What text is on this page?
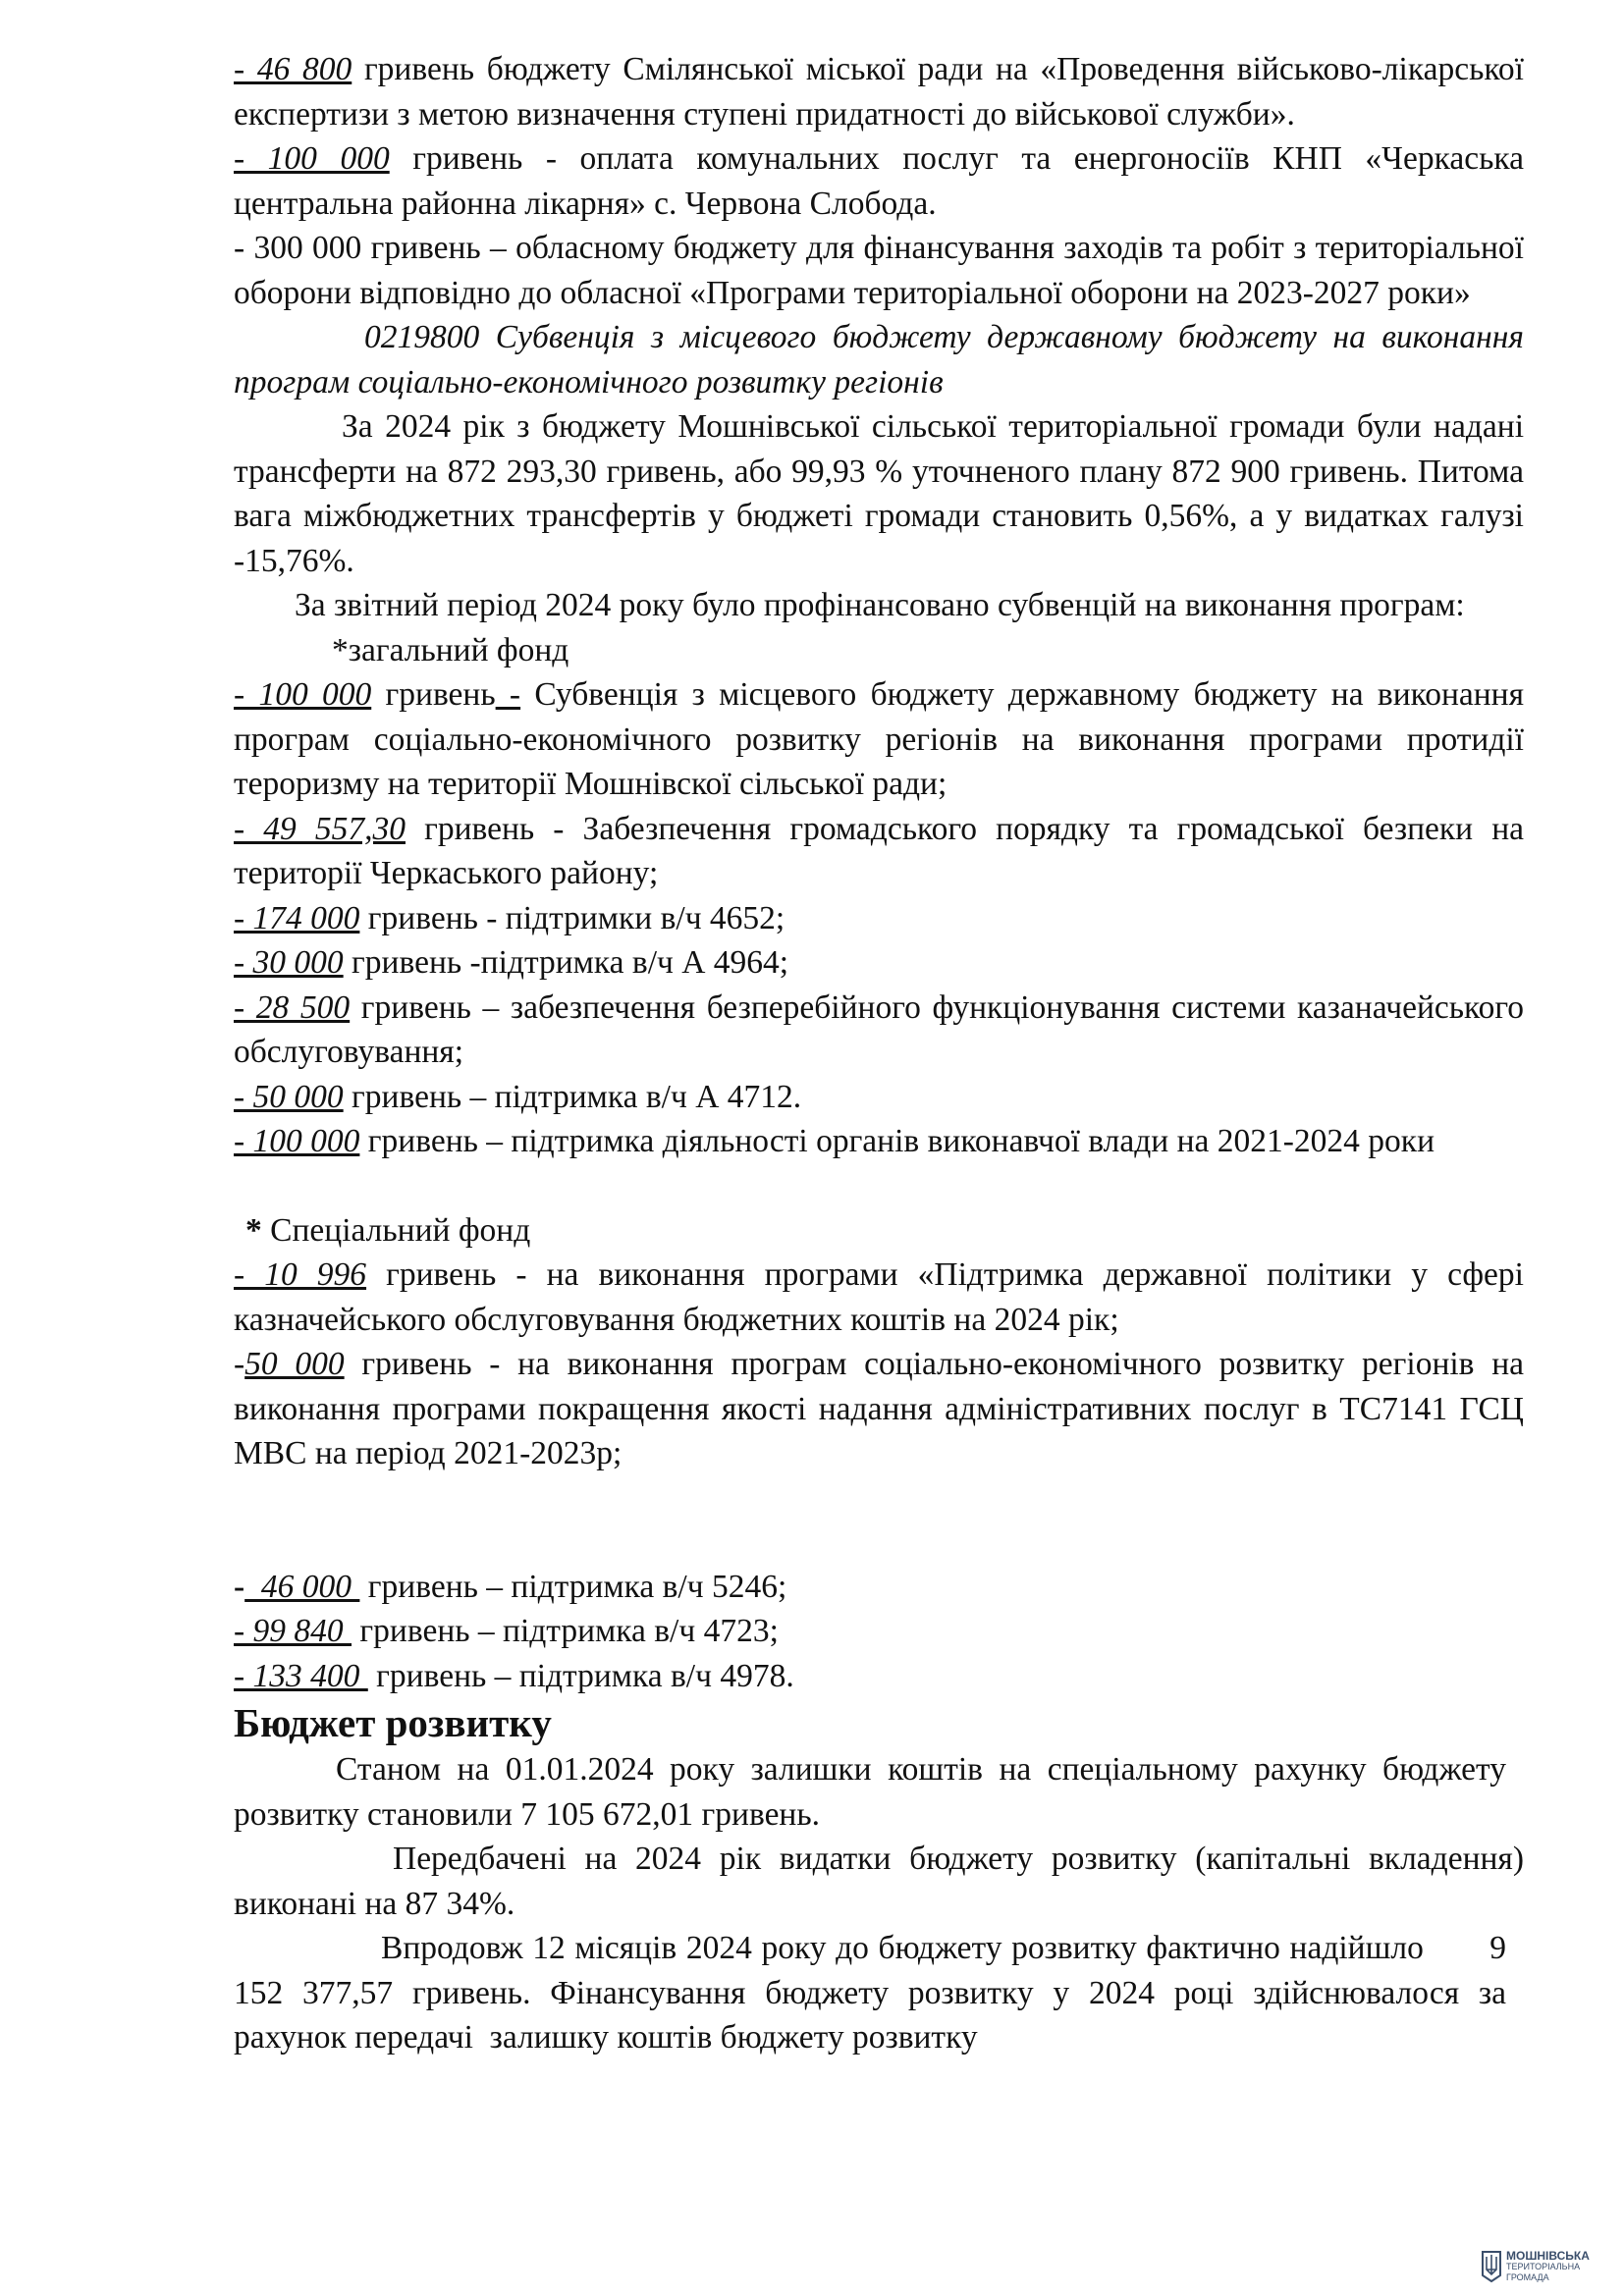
- 46 800 гривень бюджету Смілянської міської ради на «Проведення військово-лікарської експертизи з метою визначення ступені придатності до військової служби».

- 100 000 гривень - оплата комунальних послуг та енергоносіїв КНП «Черкаська центральна районна лікарня» с. Червона Слобода.

- 300 000 гривень – обласному бюджету для фінансування заходів та робіт з територіальної оборони відповідно до обласної «Програми територіальної оборони на 2023-2027 роки»

0219800 Субвенція з місцевого бюджету державному бюджету на виконання програм соціально-економічного розвитку регіонів

За 2024 рік з бюджету Мошнівської сільської територіальної громади були надані трансферти на 872 293,30 гривень, або 99,93 % уточненого плану 872 900 гривень. Питома вага міжбюджетних трансфертів у бюджеті громади становить 0,56%, а у видатках галузі -15,76%.

За звітний період 2024 року було профінансовано субвенцій на виконання програм:

*загальний фонд

- 100 000 гривень - Субвенція з місцевого бюджету державному бюджету на виконання програм соціально-економічного розвитку регіонів на виконання програми протидії тероризму на території Мошнівскої сільської ради;

- 49 557,30 гривень - Забезпечення громадського порядку та громадської безпеки на території Черкаського району;

- 174 000 гривень - підтримки в/ч 4652;

- 30 000 гривень -підтримка в/ч А 4964;

- 28 500 гривень – забезпечення безперебійного функціонування системи казаначейського обслуговування;

- 50 000 гривень – підтримка в/ч А 4712.

- 100 000 гривень – підтримка діяльності органів виконавчої влади на 2021-2024 роки

* Спеціальний фонд

- 10 996 гривень - на виконання програми «Підтримка державної політики у сфері казначейського обслуговування бюджетних коштів на 2024 рік;

-50 000 гривень - на виконання програм соціально-економічного розвитку регіонів на виконання програми покращення якості надання адміністративних послуг в ТС7141 ГСЦ МВС на період 2021-2023р;

-  46 000  гривень – підтримка в/ч 5246;

- 99 840  гривень – підтримка в/ч 4723;

- 133 400  гривень – підтримка в/ч 4978.

Бюджет розвитку

Станом на 01.01.2024 року залишки коштів на спеціальному рахунку бюджету розвитку становили 7 105 672,01 гривень.

Передбачені на 2024 рік видатки бюджету розвитку (капітальні вкладення) виконані на 87 34%.

Впродовж 12 місяців 2024 року до бюджету розвитку фактично надійшло       9 152 377,57 гривень. Фінансування бюджету розвитку у 2024 році здійснювалося за рахунок передачі  залишку коштів бюджету розвитку

МОШНІВСЬКА
ТЕРИТОРІАЛЬНА
ГРОМАДА
